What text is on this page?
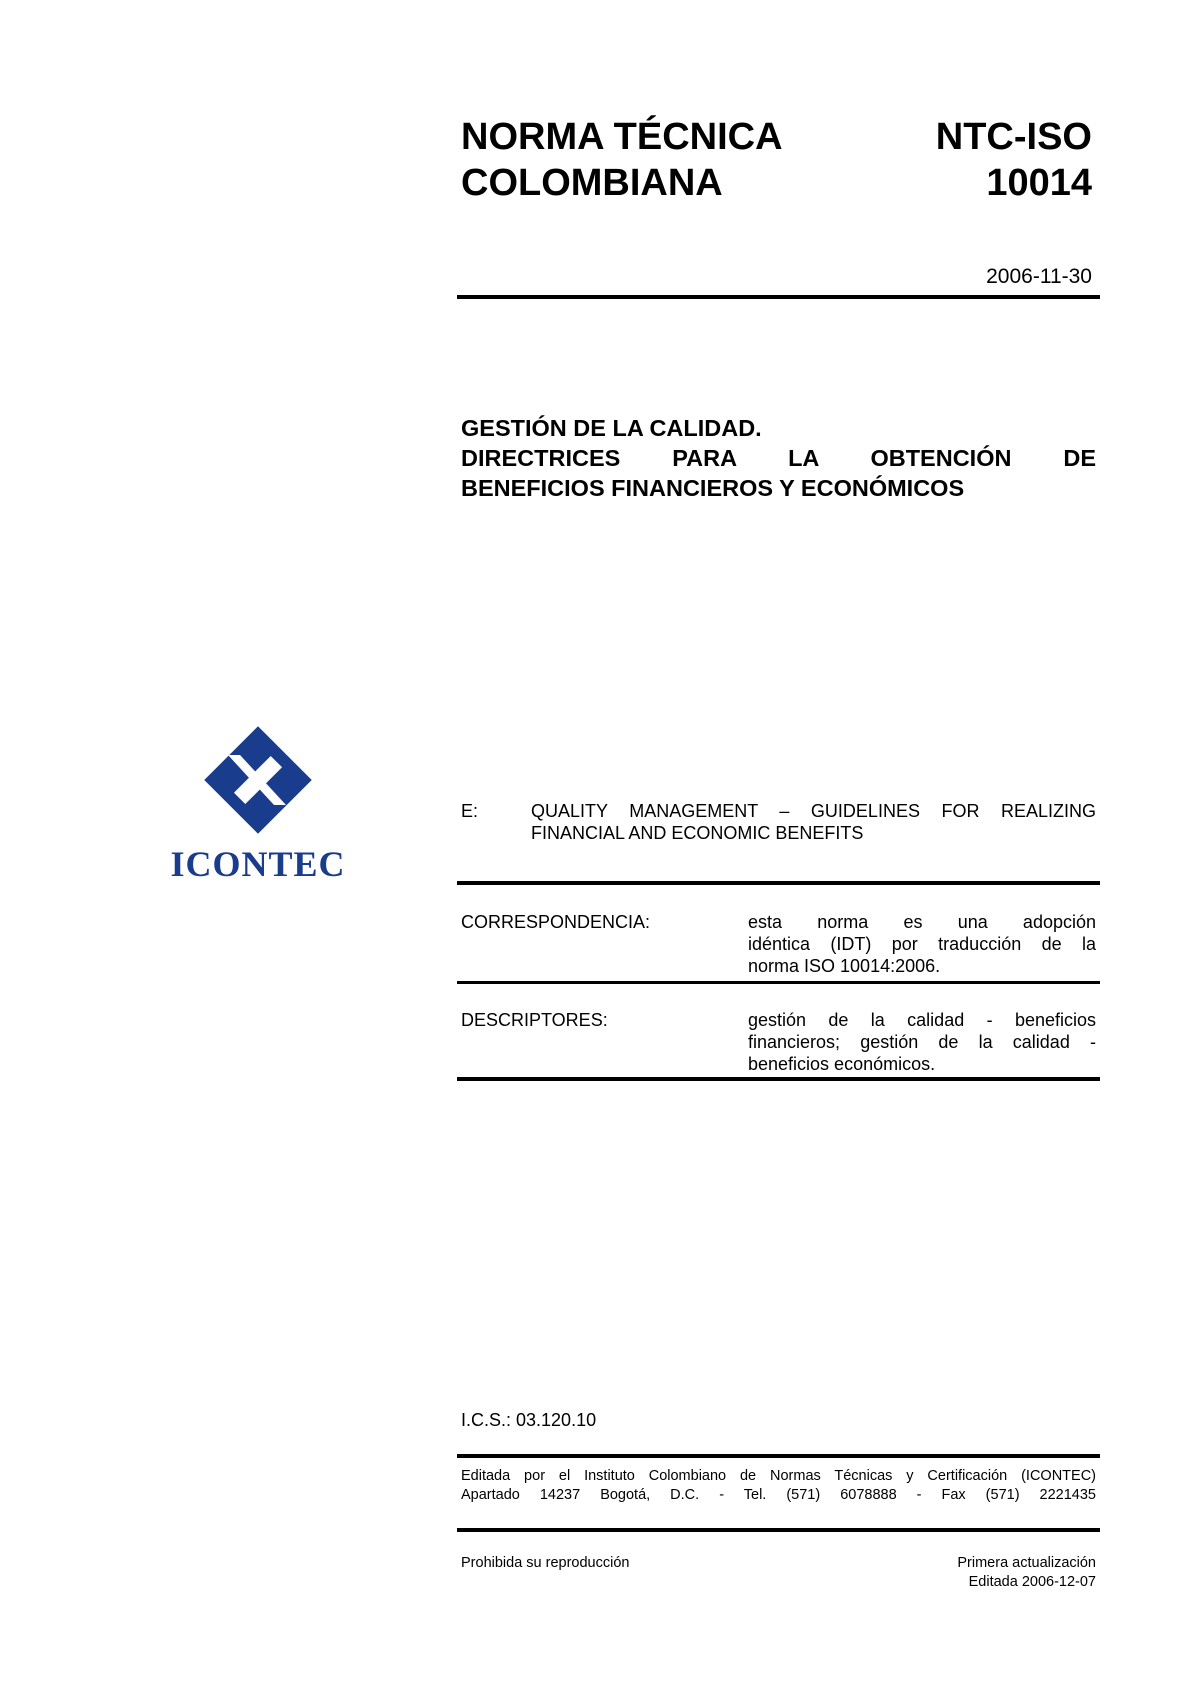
NORMA TÉCNICA
COLOMBIANA
NTC-ISO
10014
2006-11-30
GESTIÓN DE LA CALIDAD.
DIRECTRICES PARA LA OBTENCIÓN DE
BENEFICIOS FINANCIEROS Y ECONÓMICOS
ICONTEC
E:	QUALITY MANAGEMENT – GUIDELINES FOR REALIZING
FINANCIAL AND ECONOMIC BENEFITS
CORRESPONDENCIA:	esta norma es una adopción
idéntica (IDT) por traducción de la
norma ISO 10014:2006.
DESCRIPTORES:	gestión de la calidad - beneficios
financieros; gestión de la calidad -
beneficios económicos.
I.C.S.: 03.120.10
Editada por el Instituto Colombiano de Normas Técnicas y Certificación (ICONTEC)
Apartado 14237 Bogotá, D.C. - Tel. (571) 6078888 - Fax (571) 2221435
Prohibida su reproducción	Primera actualización
Editada 2006-12-07
